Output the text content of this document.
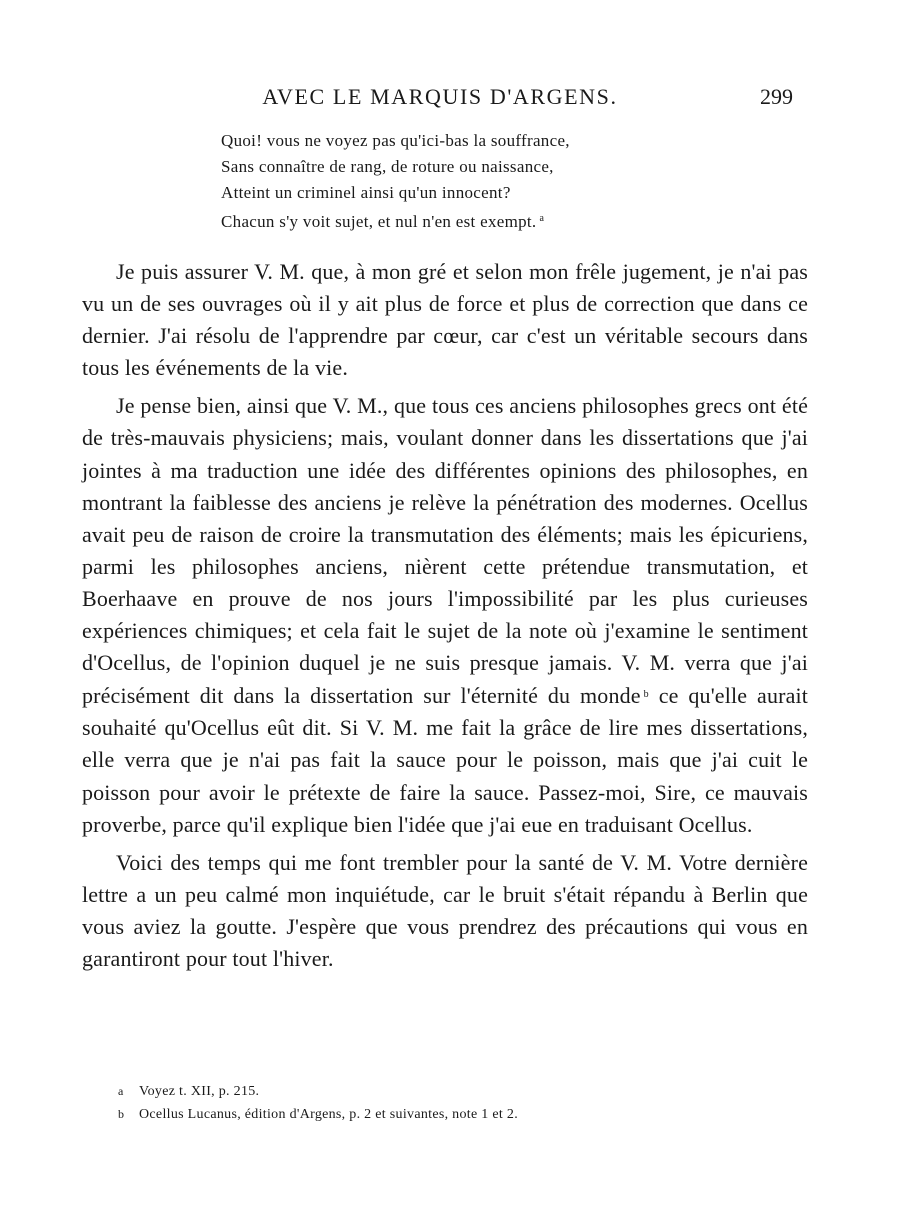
AVEC LE MARQUIS D'ARGENS.	299
Quoi! vous ne voyez pas qu'ici-bas la souffrance,
Sans connaître de rang, de roture ou naissance,
Atteint un criminel ainsi qu'un innocent?
Chacun s'y voit sujet, et nul n'en est exempt. $^a$

Je puis assurer V. M. que, à mon gré et selon mon frêle jugement, je n'ai pas vu un de ses ouvrages où il y ait plus de force et plus de correction que dans ce dernier. J'ai résolu de l'apprendre par cœur, car c'est un véritable secours dans tous les événements de la vie.

Je pense bien, ainsi que V. M., que tous ces anciens philosophes grecs ont été de très-mauvais physiciens; mais, voulant donner dans les dissertations que j'ai jointes à ma traduction une idée des différentes opinions des philosophes, en montrant la faiblesse des anciens je relève la pénétration des modernes. Ocellus avait peu de raison de croire la transmutation des éléments; mais les épicuriens, parmi les philosophes anciens, nièrent cette prétendue transmutation, et Boerhaave en prouve de nos jours l'impossibilité par les plus curieuses expériences chimiques; et cela fait le sujet de la note où j'examine le sentiment d'Ocellus, de l'opinion duquel je ne suis presque jamais. V. M. verra que j'ai précisément dit dans la dissertation sur l'éternité du monde $^b$ ce qu'elle aurait souhaité qu'Ocellus eût dit. Si V. M. me fait la grâce de lire mes dissertations, elle verra que je n'ai pas fait la sauce pour le poisson, mais que j'ai cuit le poisson pour avoir le prétexte de faire la sauce. Passez-moi, Sire, ce mauvais proverbe, parce qu'il explique bien l'idée que j'ai eue en traduisant Ocellus.

Voici des temps qui me font trembler pour la santé de V. M. Votre dernière lettre a un peu calmé mon inquiétude, car le bruit s'était répandu à Berlin que vous aviez la goutte. J'espère que vous prendrez des précautions qui vous en garantiront pour tout l'hiver.

a Voyez t. XII, p. 215.
b Ocellus Lucanus, édition d'Argens, p. 2 et suivantes, note 1 et 2.
